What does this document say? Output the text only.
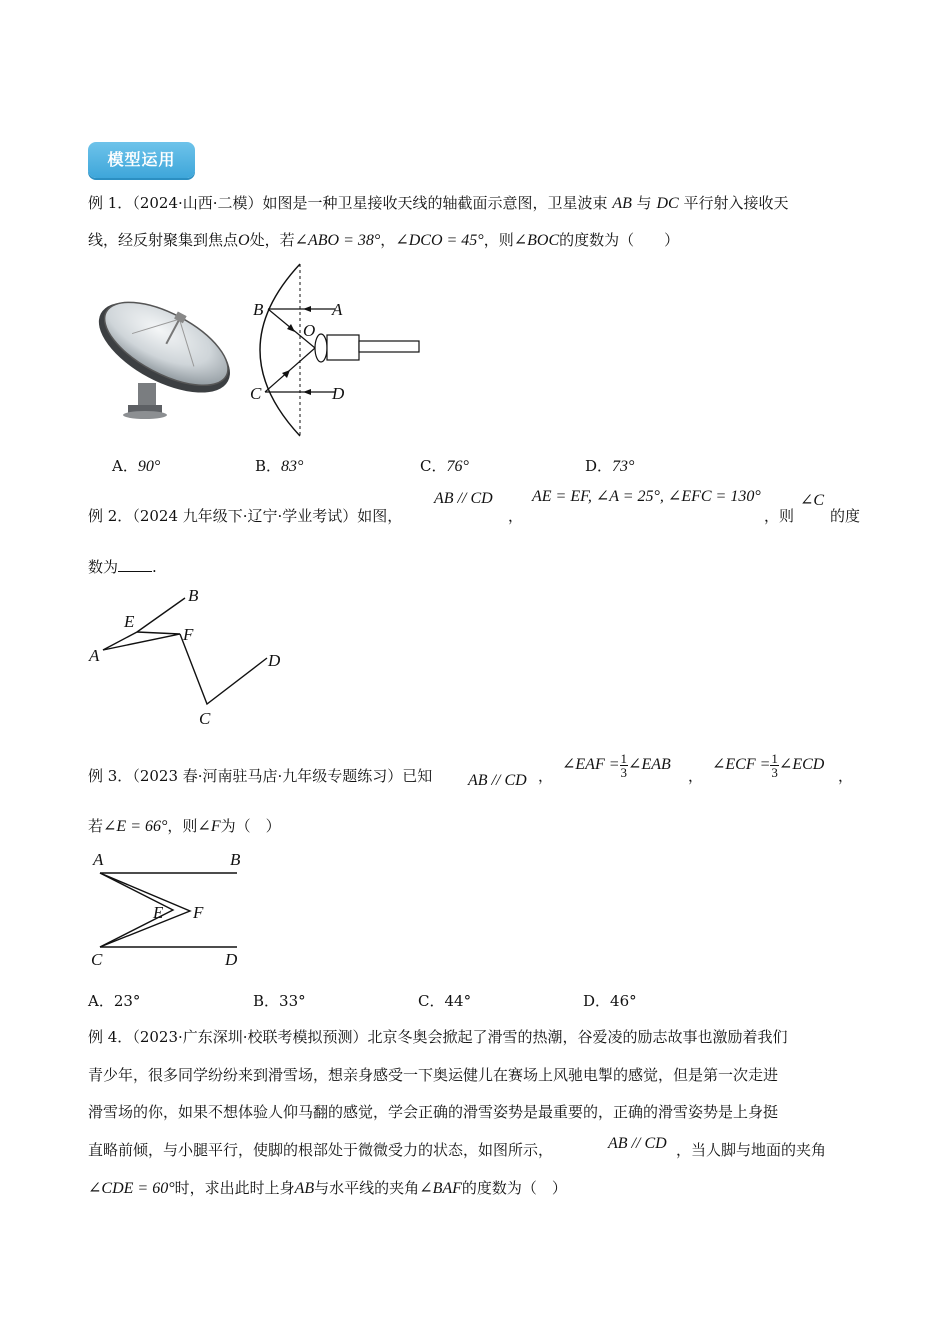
模型运用
例 1．（2024·山西·二模）如图是一种卫星接收天线的轴截面示意图，卫星波束 AB 与 DC 平行射入接收天
线，经反射聚集到焦点O处，若∠ABO = 38°，∠DCO = 45°，则∠BOC的度数为（　　）
B	A
O
C	D
A．90°	B．83°	C．76°	D．73°
例 2．（2024 九年级下·辽宁·学业考试）如图，
AB // CD
，
AE = EF, ∠A = 25°, ∠EFC = 130°
，则
∠C
的度
数为 .
B
E
F
A	D
C
例 3．（2023 春·河南驻马店·九年级专题练习）已知 AB // CD ，
∠EAF = $\frac{1}{3}$ ∠EAB
，
∠ECF = $\frac{1}{3}$ ∠ECD
，
若∠E = 66°，则∠F为（　）
A	B
E F
C	D
A．23°	B．33°	C．44°	D．46°
例 4．（2023·广东深圳·校联考模拟预测）北京冬奥会掀起了滑雪的热潮，谷爱凌的励志故事也激励着我们
青少年，很多同学纷纷来到滑雪场，想亲身感受一下奥运健儿在赛场上风驰电掣的感觉，但是第一次走进
滑雪场的你，如果不想体验人仰马翻的感觉，学会正确的滑雪姿势是最重要的，正确的滑雪姿势是上身挺
直略前倾，与小腿平行，使脚的根部处于微微受力的状态，如图所示，	AB // CD ，当人脚与地面的夹角
∠CDE = 60°时，求出此时上身AB与水平线的夹角∠BAF的度数为（　）
